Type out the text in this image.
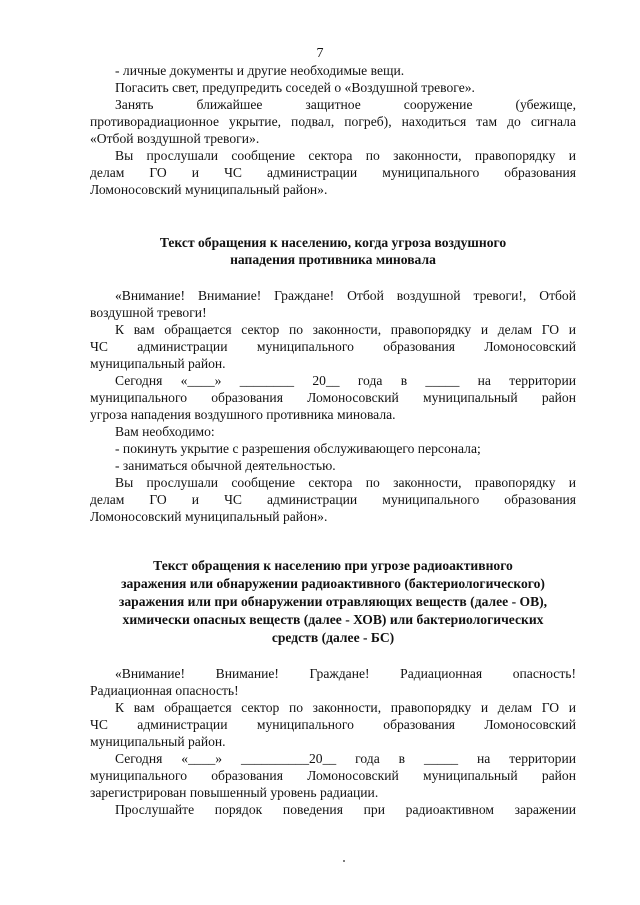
7
- личные документы и другие необходимые вещи.
Погасить свет, предупредить соседей о «Воздушной тревоге».
Занять ближайшее защитное сооружение (убежище,
противорадиационное укрытие, подвал, погреб), находиться там до сигнала
«Отбой воздушной тревоги».
Вы прослушали сообщение сектора по законности, правопорядку и
делам ГО и ЧС администрации муниципального образования
Ломоносовский муниципальный район».
Текст обращения к населению, когда угроза воздушного
нападения противника миновала
«Внимание! Внимание! Граждане! Отбой воздушной тревоги!, Отбой
воздушной тревоги!
К вам обращается сектор по законности, правопорядку и делам ГО и
ЧС администрации муниципального образования Ломоносовский
муниципальный район.
Сегодня «____» ________ 20__ года в _____ на территории
муниципального образования Ломоносовский муниципальный район
угроза нападения воздушного противника миновала.
Вам необходимо:
- покинуть укрытие с разрешения обслуживающего персонала;
- заниматься обычной деятельностью.
Вы прослушали сообщение сектора по законности, правопорядку и
делам ГО и ЧС администрации муниципального образования
Ломоносовский муниципальный район».
Текст обращения к населению при угрозе радиоактивного
заражения или обнаружении радиоактивного (бактериологического)
заражения или при обнаружении отравляющих веществ (далее - ОВ),
химически опасных веществ (далее - ХОВ) или бактериологических
средств (далее - БС)
«Внимание! Внимание! Граждане! Радиационная опасность!
Радиационная опасность!
К вам обращается сектор по законности, правопорядку и делам ГО и
ЧС администрации муниципального образования Ломоносовский
муниципальный район.
Сегодня «____» __________20__ года в _____ на территории
муниципального образования Ломоносовский муниципальный район
зарегистрирован повышенный уровень радиации.
Прослушайте порядок поведения при радиоактивном заражении
